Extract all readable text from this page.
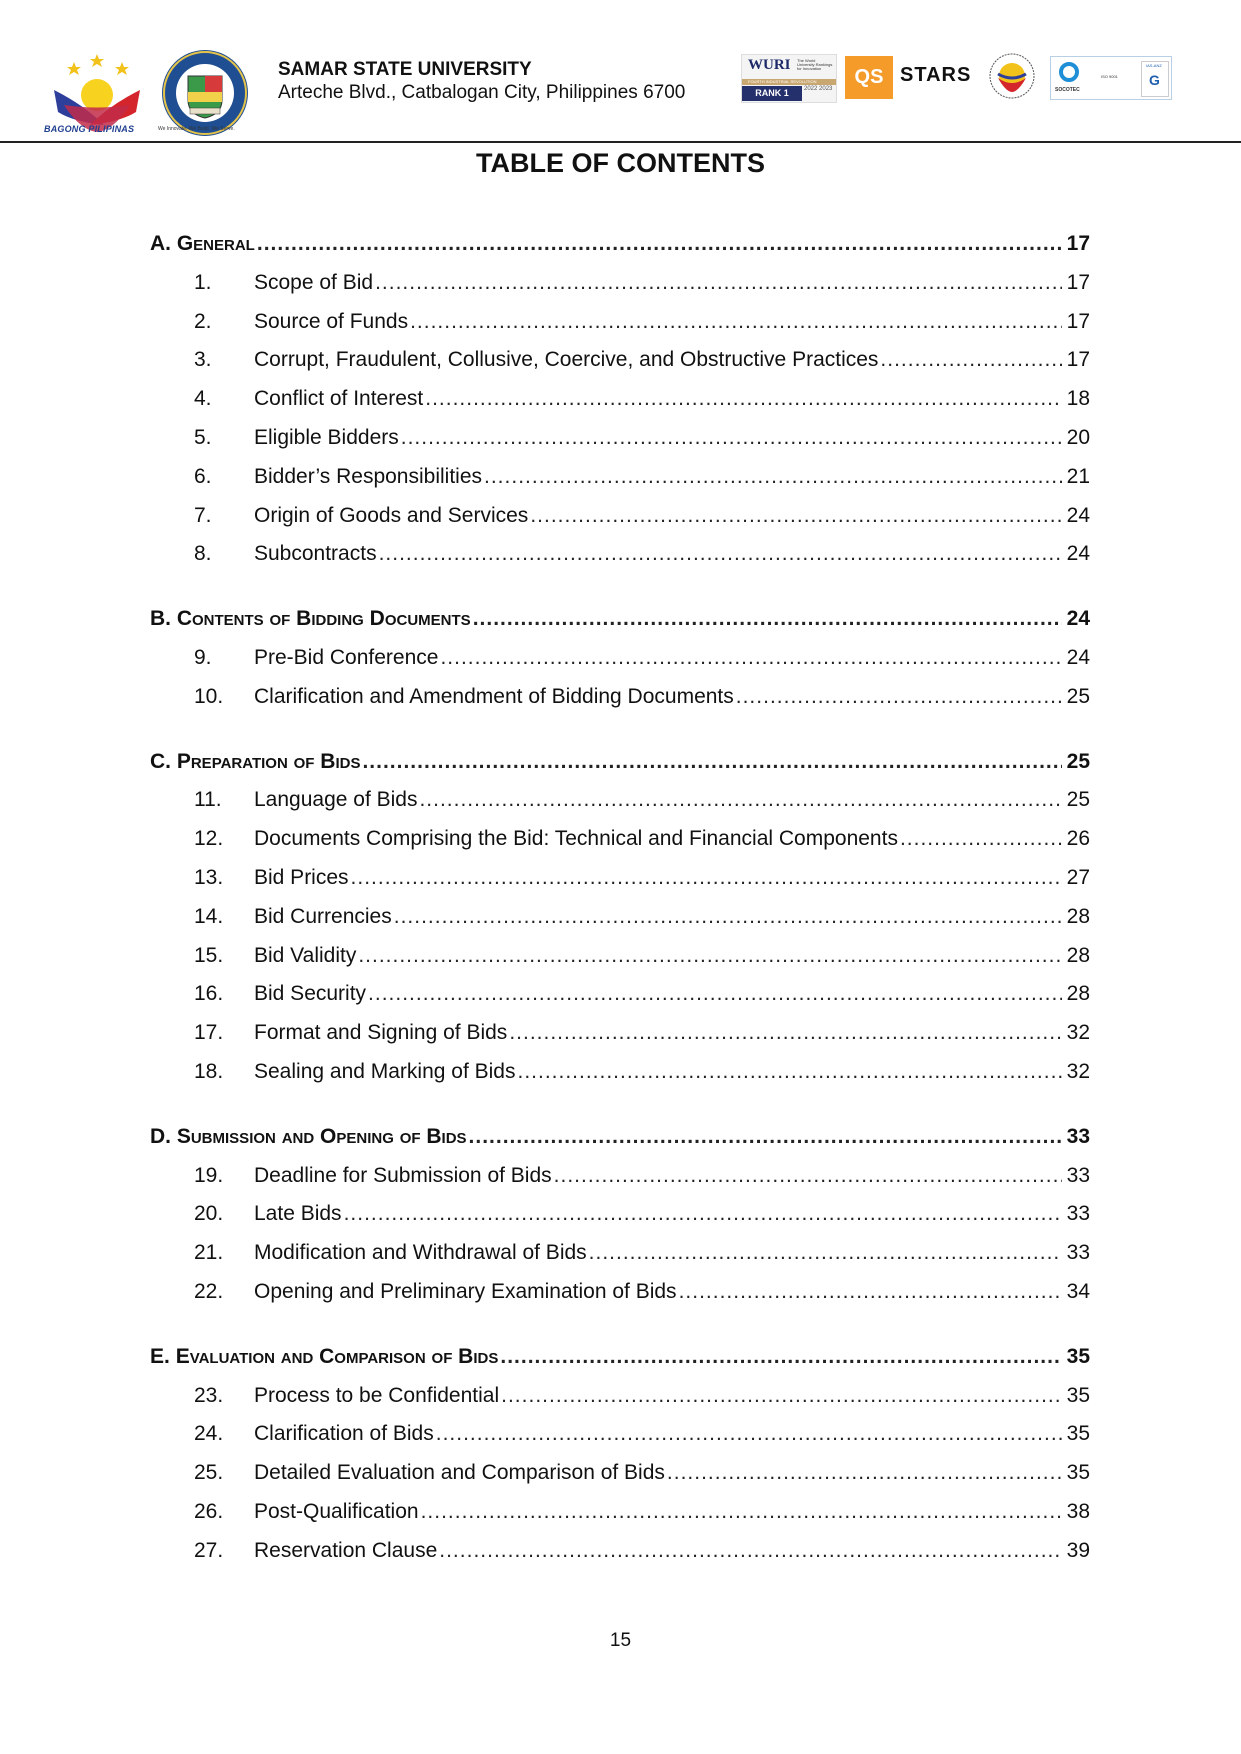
BAGONG PILIPINAS	We Innovate. We Build. We Serve.
SAMAR STATE UNIVERSITY
Arteche Blvd., Catbalogan City, Philippines 6700
WURI The World University Rankings for Innovation
FOURTH INDUSTRIAL REVOLUTION
RANK 1	2022 2023
QS STARS
SOCOTEC
ISO 9001
IAS-ANZ
G
TABLE OF CONTENTS
A. General .....	17
1.	Scope of Bid .....	17
2.	Source of Funds .....	17
3.	Corrupt, Fraudulent, Collusive, Coercive, and Obstructive Practices .....	17
4.	Conflict of Interest .....	18
5.	Eligible Bidders .....	20
6.	Bidder’s Responsibilities .....	21
7.	Origin of Goods and Services .....	24
8.	Subcontracts .....	24
B. Contents of Bidding Documents .....	24
9.	Pre-Bid Conference .....	24
10.	Clarification and Amendment of Bidding Documents .....	25
C. Preparation of Bids .....	25
11.	Language of Bids .....	25
12.	Documents Comprising the Bid: Technical and Financial Components .....	26
13.	Bid Prices .....	27
14.	Bid Currencies .....	28
15.	Bid Validity .....	28
16.	Bid Security .....	28
17.	Format and Signing of Bids .....	32
18.	Sealing and Marking of Bids .....	32
D. Submission and Opening of Bids .....	33
19.	Deadline for Submission of Bids .....	33
20.	Late Bids .....	33
21.	Modification and Withdrawal of Bids .....	33
22.	Opening and Preliminary Examination of Bids .....	34
E. Evaluation and Comparison of Bids .....	35
23.	Process to be Confidential .....	35
24.	Clarification of Bids .....	35
25.	Detailed Evaluation and Comparison of Bids .....	35
26.	Post-Qualification .....	38
27.	Reservation Clause .....	39
15
